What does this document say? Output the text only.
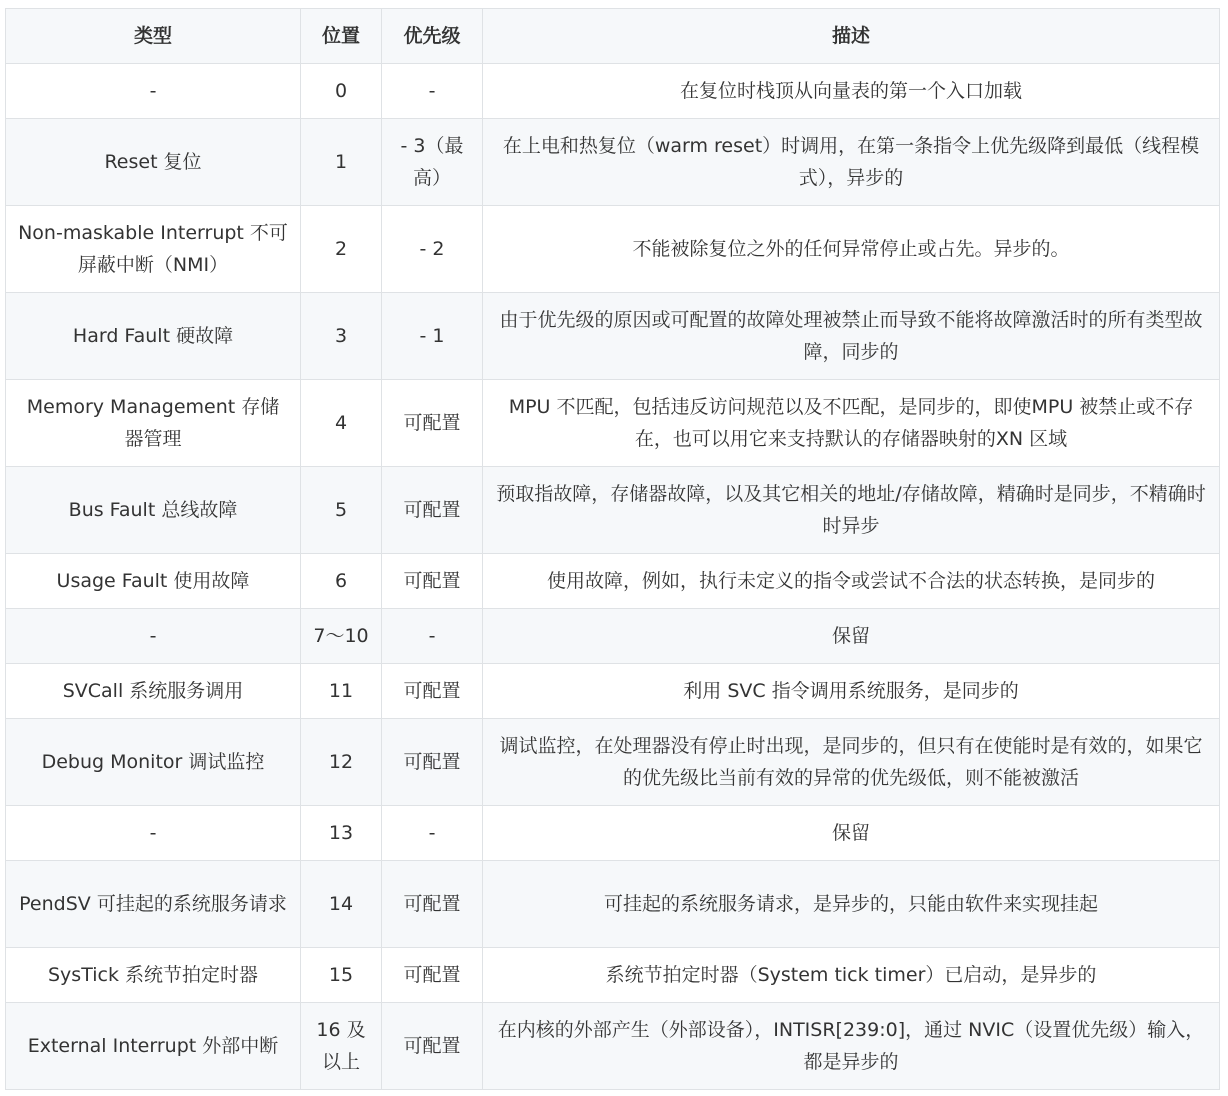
类型	位置	优先级	描述
-	0	-	在复位时栈顶从向量表的第一个入口加载
Reset 复位	1	- 3（最高）	在上电和热复位（warm reset）时调用，在第一条指令上优先级降到最低（线程模式），异步的
Non-maskable Interrupt 不可屏蔽中断（NMI）	2	- 2	不能被除复位之外的任何异常停止或占先。异步的。
Hard Fault 硬故障	3	- 1	由于优先级的原因或可配置的故障处理被禁止而导致不能将故障激活时的所有类型故障，同步的
Memory Management 存储器管理	4	可配置	MPU 不匹配，包括违反访问规范以及不匹配，是同步的，即使MPU 被禁止或不存在，也可以用它来支持默认的存储器映射的XN 区域
Bus Fault 总线故障	5	可配置	预取指故障，存储器故障，以及其它相关的地址/存储故障，精确时是同步，不精确时时异步
Usage Fault 使用故障	6	可配置	使用故障，例如，执行未定义的指令或尝试不合法的状态转换，是同步的
-	7～10	-	保留
SVCall 系统服务调用	11	可配置	利用 SVC 指令调用系统服务，是同步的
Debug Monitor 调试监控	12	可配置	调试监控，在处理器没有停止时出现，是同步的，但只有在使能时是有效的，如果它的优先级比当前有效的异常的优先级低，则不能被激活
-	13	-	保留
PendSV 可挂起的系统服务请求	14	可配置	可挂起的系统服务请求，是异步的，只能由软件来实现挂起
SysTick 系统节拍定时器	15	可配置	系统节拍定时器（System tick timer）已启动，是异步的
External Interrupt 外部中断	16 及以上	可配置	在内核的外部产生（外部设备），INTISR[239:0]，通过 NVIC（设置优先级）输入，都是异步的
